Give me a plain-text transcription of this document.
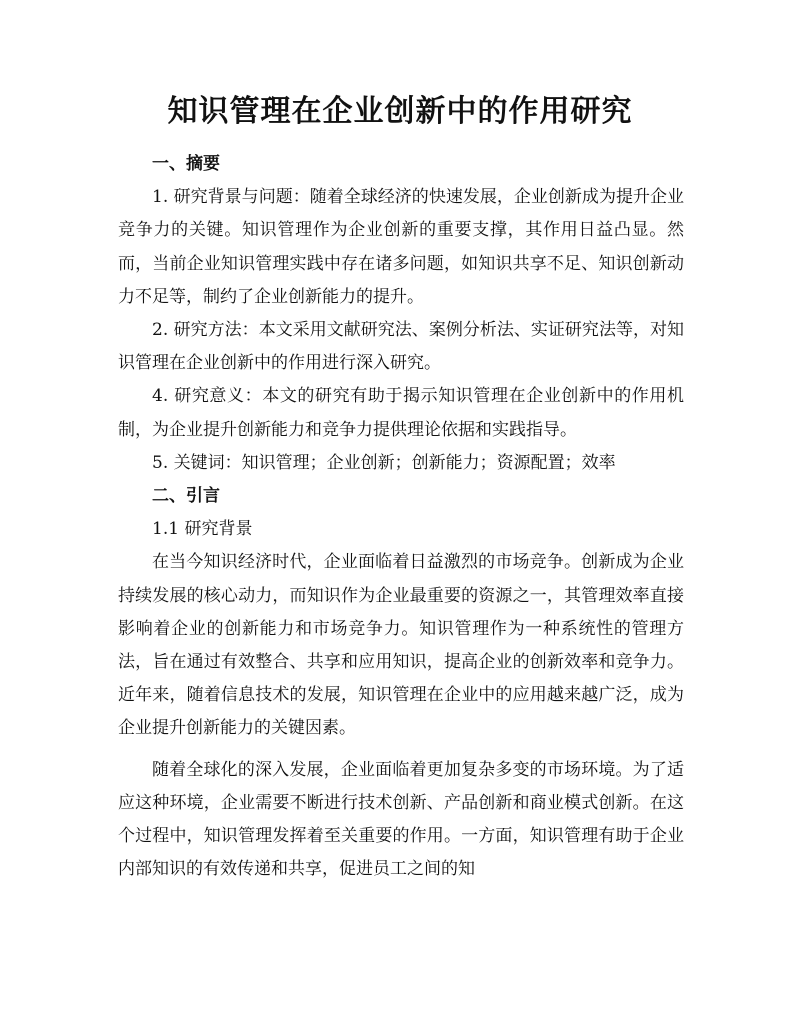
知识管理在企业创新中的作用研究

一、摘要

1. 研究背景与问题：随着全球经济的快速发展，企业创新成为提升企业竞争力的关键。知识管理作为企业创新的重要支撑，其作用日益凸显。然而，当前企业知识管理实践中存在诸多问题，如知识共享不足、知识创新动力不足等，制约了企业创新能力的提升。

2. 研究方法：本文采用文献研究法、案例分析法、实证研究法等，对知识管理在企业创新中的作用进行深入研究。

4. 研究意义：本文的研究有助于揭示知识管理在企业创新中的作用机制，为企业提升创新能力和竞争力提供理论依据和实践指导。

5. 关键词：知识管理；企业创新；创新能力；资源配置；效率

二、引言

1.1 研究背景

在当今知识经济时代，企业面临着日益激烈的市场竞争。创新成为企业持续发展的核心动力，而知识作为企业最重要的资源之一，其管理效率直接影响着企业的创新能力和市场竞争力。知识管理作为一种系统性的管理方法，旨在通过有效整合、共享和应用知识，提高企业的创新效率和竞争力。近年来，随着信息技术的发展，知识管理在企业中的应用越来越广泛，成为企业提升创新能力的关键因素。

随着全球化的深入发展，企业面临着更加复杂多变的市场环境。为了适应这种环境，企业需要不断进行技术创新、产品创新和商业模式创新。在这个过程中，知识管理发挥着至关重要的作用。一方面，知识管理有助于企业内部知识的有效传递和共享，促进员工之间的知
